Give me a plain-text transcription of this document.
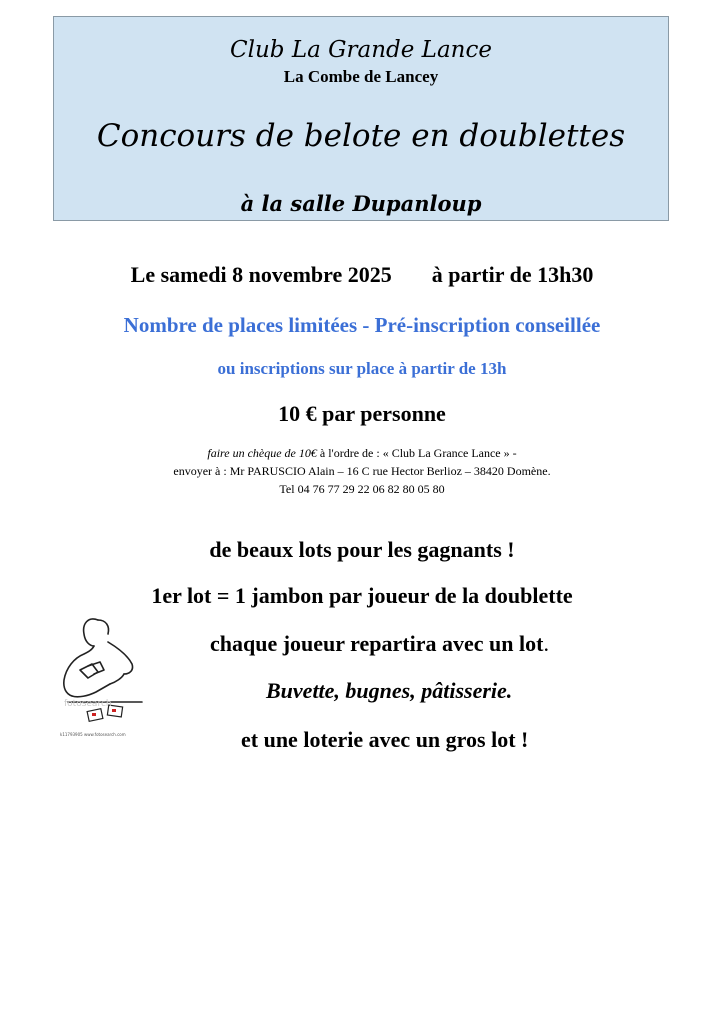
Club La Grande Lance
La Combe de Lancey
Concours de belote en doublettes
à la salle Dupanloup
Le samedi 8 novembre 2025 à partir de 13h30
Nombre de places limitées - Pré-inscription conseillée
ou inscriptions sur place à partir de 13h
10 € par personne
faire un chèque de 10€ à l'ordre de : « Club La Grance Lance » -
envoyer à : Mr PARUSCIO Alain – 16 C rue Hector Berlioz – 38420 Domène.
Tel 04 76 77 29 22 06 82 80 05 80
de beaux lots pour les gagnants !
1er lot = 1 jambon par joueur de la doublette
chaque joueur repartira avec un lot.
Buvette, bugnes, pâtisserie.
et une loterie avec un gros lot !
fotosearch
k11793905 www.fotosearch.com
